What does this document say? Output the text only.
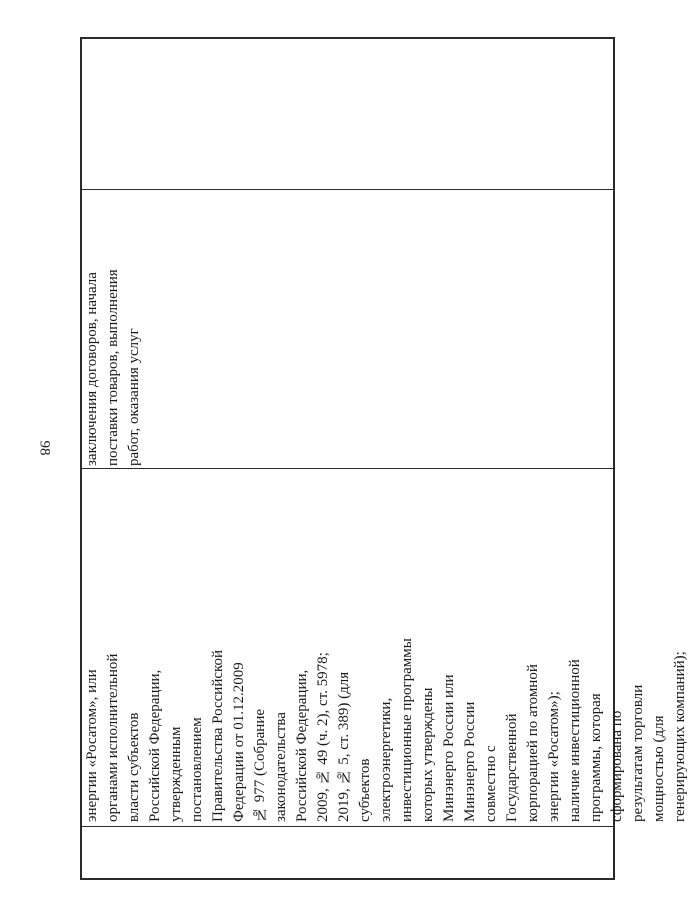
98
энергии «Росатом», или органами исполнительной власти субъектов Российской Федерации, утвержденным постановлением Правительства Российской Федерации от 01.12.2009 № 977 (Собрание законодательства Российской Федерации, 2009, № 49 (ч. 2), ст. 5978; 2019, № 5, ст. 389) (для субъектов электроэнергетики, инвестиционные программы которых утверждены Минэнерго России или Минэнерго России совместно с Государственной корпорацией по атомной энергии «Росатом»); наличие инвестиционной программы, которая сформирована по результатам торговли мощностью (для генерирующих компаний);
заключения договоров, начала поставки товаров, выполнения работ, оказания услуг
